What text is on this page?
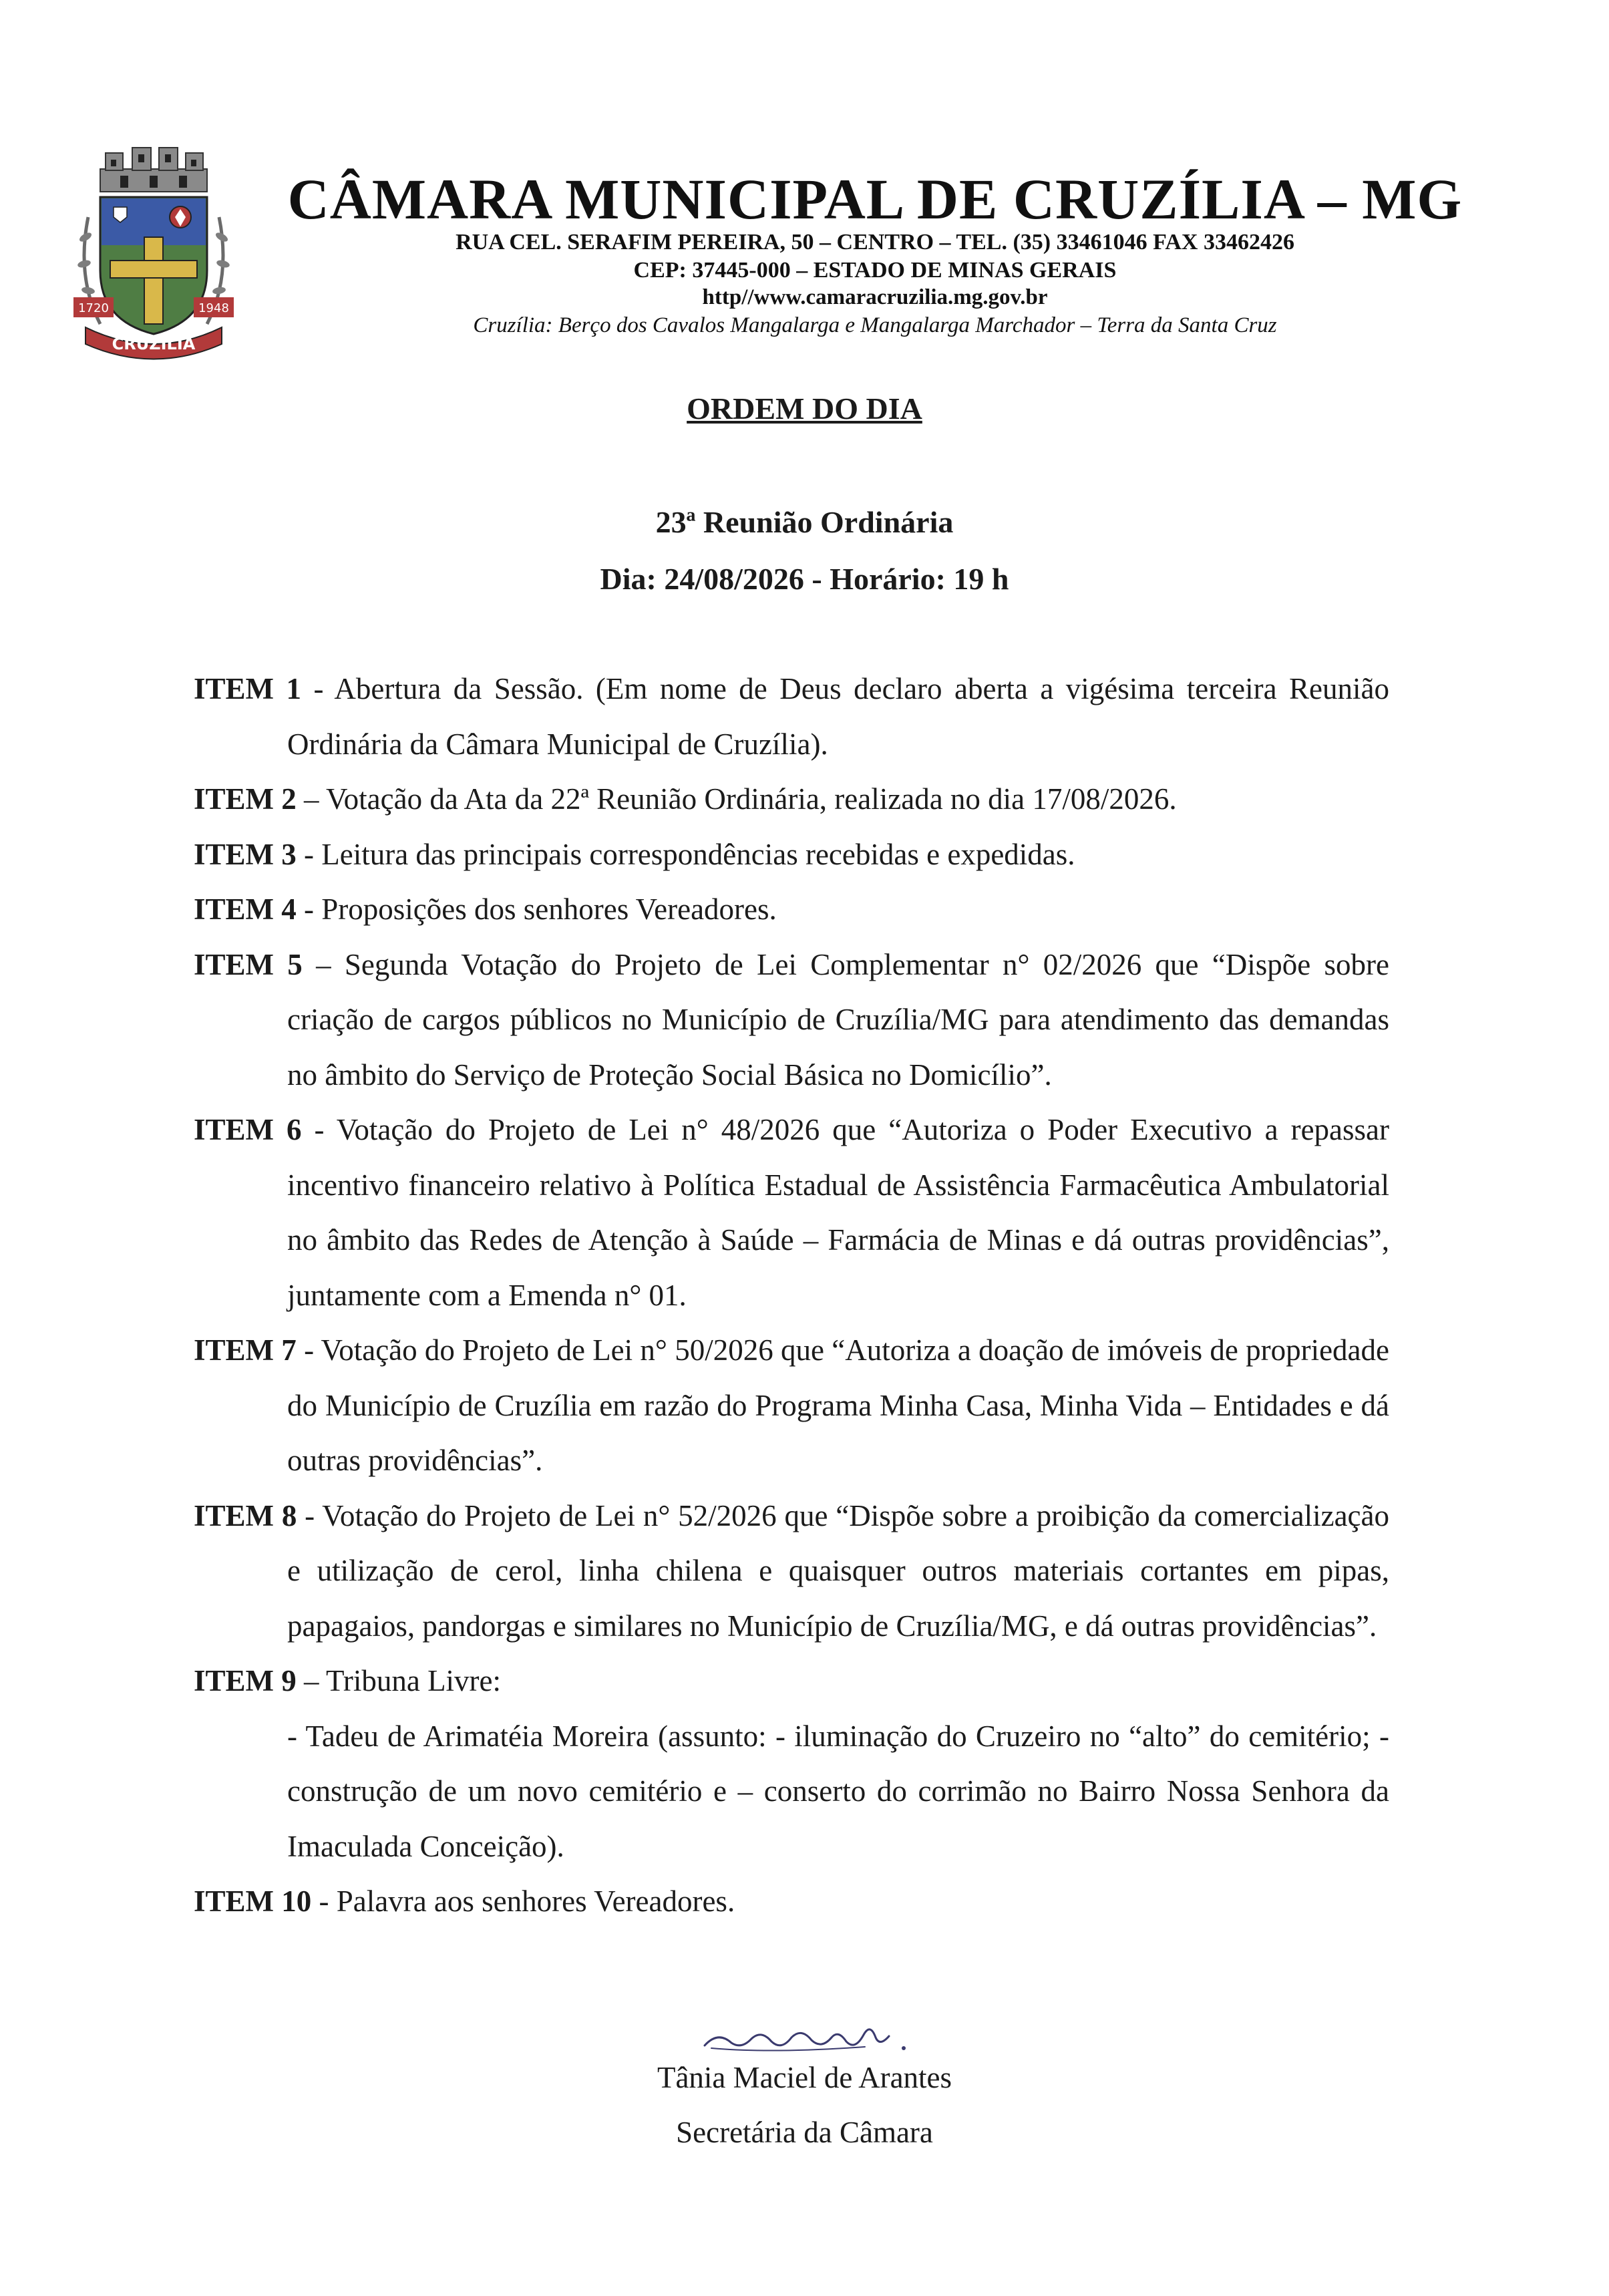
1720	1948
CRUZILIA
CÂMARA MUNICIPAL DE CRUZÍLIA – MG
RUA CEL. SERAFIM PEREIRA, 50 – CENTRO – TEL. (35) 33461046 FAX 33462426
CEP: 37445-000 – ESTADO DE MINAS GERAIS
http//www.camaracruzilia.mg.gov.br
Cruzília: Berço dos Cavalos Mangalarga e Mangalarga Marchador – Terra da Santa Cruz
ORDEM DO DIA
23ª Reunião Ordinária
Dia: 24/08/2026 - Horário: 19 h

ITEM 1 - Abertura da Sessão. (Em nome de Deus declaro aberta a vigésima terceira Reunião Ordinária da Câmara Municipal de Cruzília).

ITEM 2 – Votação da Ata da 22ª Reunião Ordinária, realizada no dia 17/08/2026.

ITEM 3 - Leitura das principais correspondências recebidas e expedidas.

ITEM 4 - Proposições dos senhores Vereadores.

ITEM 5 – Segunda Votação do Projeto de Lei Complementar n° 02/2026 que “Dispõe sobre criação de cargos públicos no Município de Cruzília/MG para atendimento das demandas no âmbito do Serviço de Proteção Social Básica no Domicílio”.

ITEM 6 - Votação do Projeto de Lei n° 48/2026 que “Autoriza o Poder Executivo a repassar incentivo financeiro relativo à Política Estadual de Assistência Farmacêutica Ambulatorial no âmbito das Redes de Atenção à Saúde – Farmácia de Minas e dá outras providências”, juntamente com a Emenda n° 01.

ITEM 7 - Votação do Projeto de Lei n° 50/2026 que “Autoriza a doação de imóveis de propriedade do Município de Cruzília em razão do Programa Minha Casa, Minha Vida – Entidades e dá outras providências”.

ITEM 8 - Votação do Projeto de Lei n° 52/2026 que “Dispõe sobre a proibição da comercialização e utilização de cerol, linha chilena e quaisquer outros materiais cortantes em pipas, papagaios, pandorgas e similares no Município de Cruzília/MG, e dá outras providências”.

ITEM 9 – Tribuna Livre:

- Tadeu de Arimatéia Moreira (assunto: - iluminação do Cruzeiro no “alto” do cemitério; - construção de um novo cemitério e – conserto do corrimão no Bairro Nossa Senhora da Imaculada Conceição).

ITEM 10 - Palavra aos senhores Vereadores.

Tânia Maciel de Arantes
Secretária da Câmara
